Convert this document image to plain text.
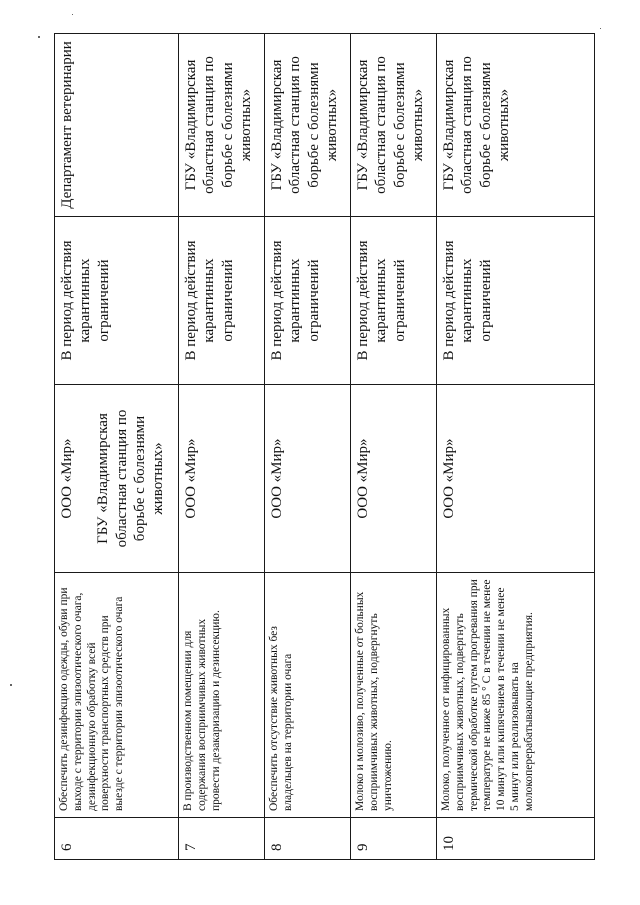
6	Обеспечить дезинфекцию одежды, обуви при выходе с территории эпизоотического очага, дезинфекционную обработку всей поверхности транспортных средств при выезде с территории эпизоотического очага	ООО «Мир» ГБУ «Владимирская областная станция по борьбе с болезнями животных»	В период действия карантинных ограничений	Департамент ветеринарии
7	В производственном помещении для содержания восприимчивых животных провести дезакаризацию и дезинсекцию.	ООО «Мир»	В период действия карантинных ограничений	ГБУ «Владимирская областная станция по борьбе с болезнями животных»
8	Обеспечить отсутствие животных без владельцев на территории очага	ООО «Мир»	В период действия карантинных ограничений	ГБУ «Владимирская областная станция по борьбе с болезнями животных»
9	Молоко и молозиво, полученные от больных восприимчивых животных, подвергнуть уничтожению.	ООО «Мир»	В период действия карантинных ограничений	ГБУ «Владимирская областная станция по борьбе с болезнями животных»
10	Молоко, полученное от инфицированных восприимчивых животных, подвергнуть термической обработке путем прогревания при температуре не ниже 85 ° С в течении не менее 10 минут или кипячением в течении не менее 5 минут или реализовывать на молокоперерабатывающие предприятия.	ООО «Мир»	В период действия карантинных ограничений	ГБУ «Владимирская областная станция по борьбе с болезнями животных»
